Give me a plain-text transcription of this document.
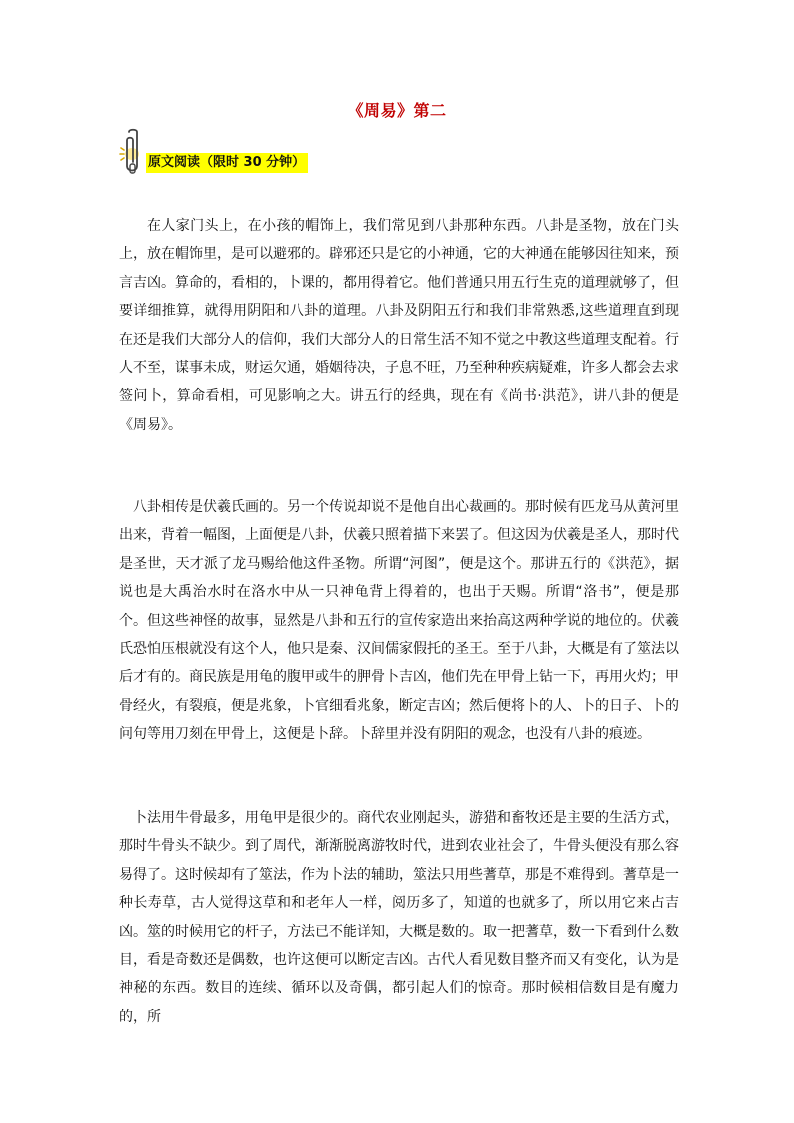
《周易》第二
原文阅读（限时 30 分钟）

在人家门头上，在小孩的帽饰上，我们常见到八卦那种东西。八卦是圣物，放在门头上，放在帽饰里，是可以避邪的。辟邪还只是它的小神通，它的大神通在能够因往知来，预言吉凶。算命的，看相的，卜课的，都用得着它。他们普通只用五行生克的道理就够了，但要详细推算，就得用阴阳和八卦的道理。八卦及阴阳五行和我们非常熟悉,这些道理直到现在还是我们大部分人的信仰，我们大部分人的日常生活不知不觉之中教这些道理支配着。行人不至，谋事未成，财运欠通，婚姻待决，子息不旺，乃至种种疾病疑难，许多人都会去求签问卜，算命看相，可见影响之大。讲五行的经典，现在有《尚书·洪范》，讲八卦的便是《周易》。

八卦相传是伏羲氏画的。另一个传说却说不是他自出心裁画的。那时候有匹龙马从黄河里出来，背着一幅图，上面便是八卦，伏羲只照着描下来罢了。但这因为伏羲是圣人，那时代是圣世，天才派了龙马赐给他这件圣物。所谓“河图”，便是这个。那讲五行的《洪范》，据说也是大禹治水时在洛水中从一只神龟背上得着的，也出于天赐。所谓“洛书”，便是那个。但这些神怪的故事，显然是八卦和五行的宣传家造出来抬高这两种学说的地位的。伏羲氏恐怕压根就没有这个人，他只是秦、汉间儒家假托的圣王。至于八卦，大概是有了筮法以后才有的。商民族是用龟的腹甲或牛的胛骨卜吉凶，他们先在甲骨上钻一下，再用火灼；甲骨经火，有裂痕，便是兆象，卜官细看兆象，断定吉凶；然后便将卜的人、卜的日子、卜的问句等用刀刻在甲骨上，这便是卜辞。卜辞里并没有阴阳的观念，也没有八卦的痕迹。

卜法用牛骨最多，用龟甲是很少的。商代农业刚起头，游猎和畜牧还是主要的生活方式，那时牛骨头不缺少。到了周代，渐渐脱离游牧时代，进到农业社会了，牛骨头便没有那么容易得了。这时候却有了筮法，作为卜法的辅助，筮法只用些蓍草，那是不难得到。蓍草是一种长寿草，古人觉得这草和和老年人一样，阅历多了，知道的也就多了，所以用它来占吉凶。筮的时候用它的杆子，方法已不能详知，大概是数的。取一把蓍草，数一下看到什么数目，看是奇数还是偶数，也许这便可以断定吉凶。古代人看见数目整齐而又有变化，认为是神秘的东西。数目的连续、循环以及奇偶，都引起人们的惊奇。那时候相信数目是有魔力的，所
